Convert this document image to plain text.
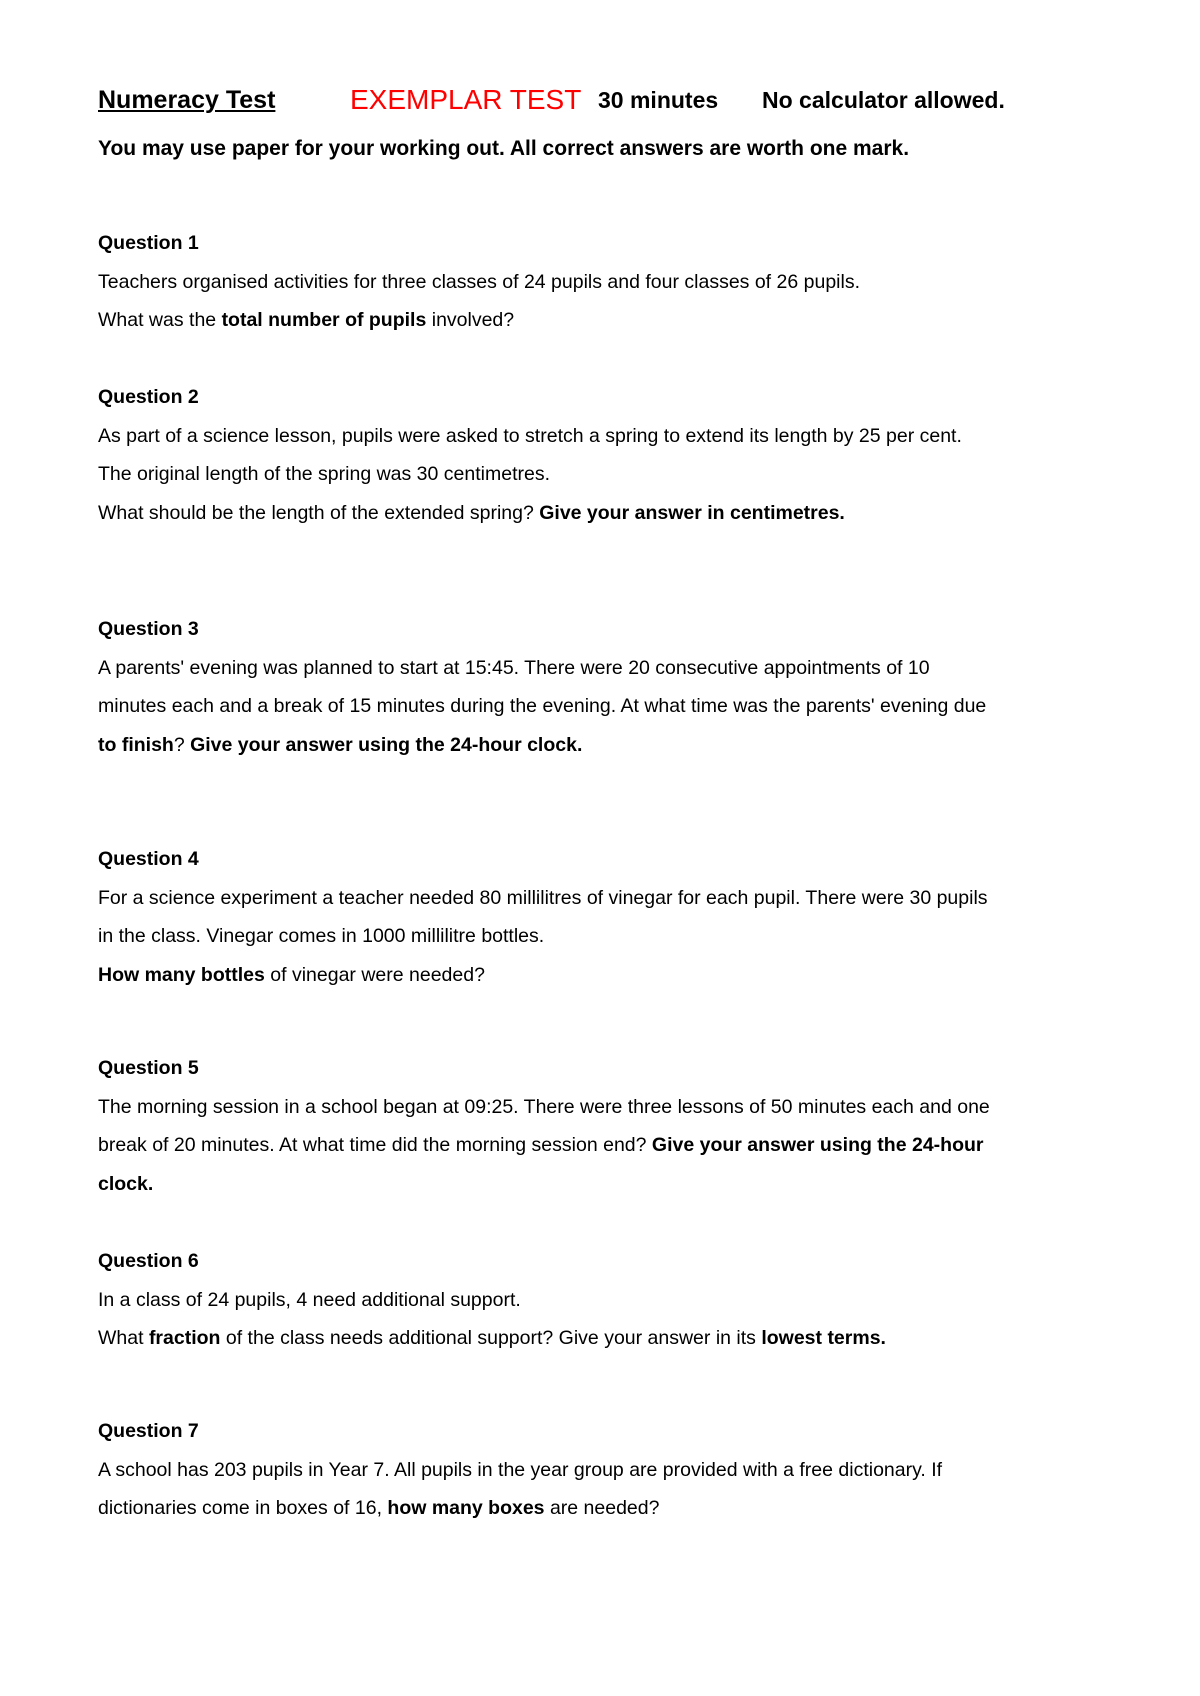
Numeracy Test	EXEMPLAR TEST 30 minutes No calculator allowed.
You may use paper for your working out. All correct answers are worth one mark.
Question 1
Teachers organised activities for three classes of 24 pupils and four classes of 26 pupils.
What was the total number of pupils involved?
Question 2
As part of a science lesson, pupils were asked to stretch a spring to extend its length by 25 per cent.
The original length of the spring was 30 centimetres.
What should be the length of the extended spring? Give your answer in centimetres.
Question 3
A parents' evening was planned to start at 15:45. There were 20 consecutive appointments of 10
minutes each and a break of 15 minutes during the evening. At what time was the parents' evening due
to finish? Give your answer using the 24-hour clock.
Question 4
For a science experiment a teacher needed 80 millilitres of vinegar for each pupil. There were 30 pupils
in the class. Vinegar comes in 1000 millilitre bottles.
How many bottles of vinegar were needed?
Question 5
The morning session in a school began at 09:25. There were three lessons of 50 minutes each and one
break of 20 minutes. At what time did the morning session end? Give your answer using the 24-hour
clock.
Question 6
In a class of 24 pupils, 4 need additional support.
What fraction of the class needs additional support? Give your answer in its lowest terms.
Question 7
A school has 203 pupils in Year 7. All pupils in the year group are provided with a free dictionary. If
dictionaries come in boxes of 16, how many boxes are needed?
